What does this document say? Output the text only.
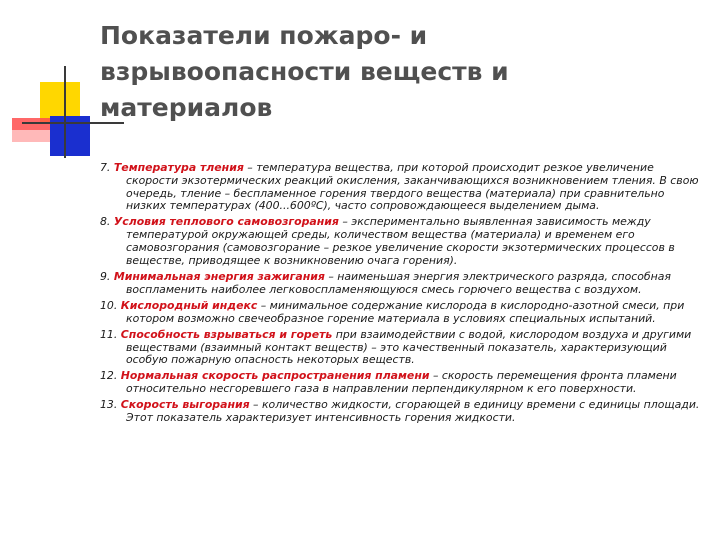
Показатели пожаро- и
взрывоопасности веществ и
материалов
7. Температура тления – температура вещества, при которой происходит резкое увеличение скорости экзотермических реакций окисления, заканчивающихся возникновением тления. В свою очередь, тление – беспламенное горения твердого вещества (материала) при сравнительно низких температурах (400...600ºС), часто сопровождающееся выделением дыма.
8. Условия теплового самовозгорания – экспериментально выявленная зависимость между температурой окружающей среды, количеством вещества (материала) и временем его самовозгорания (самовозгорание – резкое увеличение скорости экзотермических процессов в веществе, приводящее к возникновению очага горения).
9. Минимальная энергия зажигания – наименьшая энергия электрического разряда, способная воспламенить наиболее легковоспламеняющуюся смесь горючего вещества с воздухом.
10. Кислородный индекс – минимальное содержание кислорода в кислородно-азотной смеси, при котором возможно свечеобразное горение материала в условиях специальных испытаний.
11. Способность взрываться и гореть при взаимодействии с водой, кислородом воздуха и другими веществами (взаимный контакт веществ) – это качественный показатель, характеризующий особую пожарную опасность некоторых веществ.
12. Нормальная скорость распространения пламени – скорость перемещения фронта пламени относительно несгоревшего газа в направлении перпендикулярном к его поверхности.
13. Скорость выгорания – количество жидкости, сгорающей в единицу времени с единицы площади. Этот показатель характеризует интенсивность горения жидкости.
